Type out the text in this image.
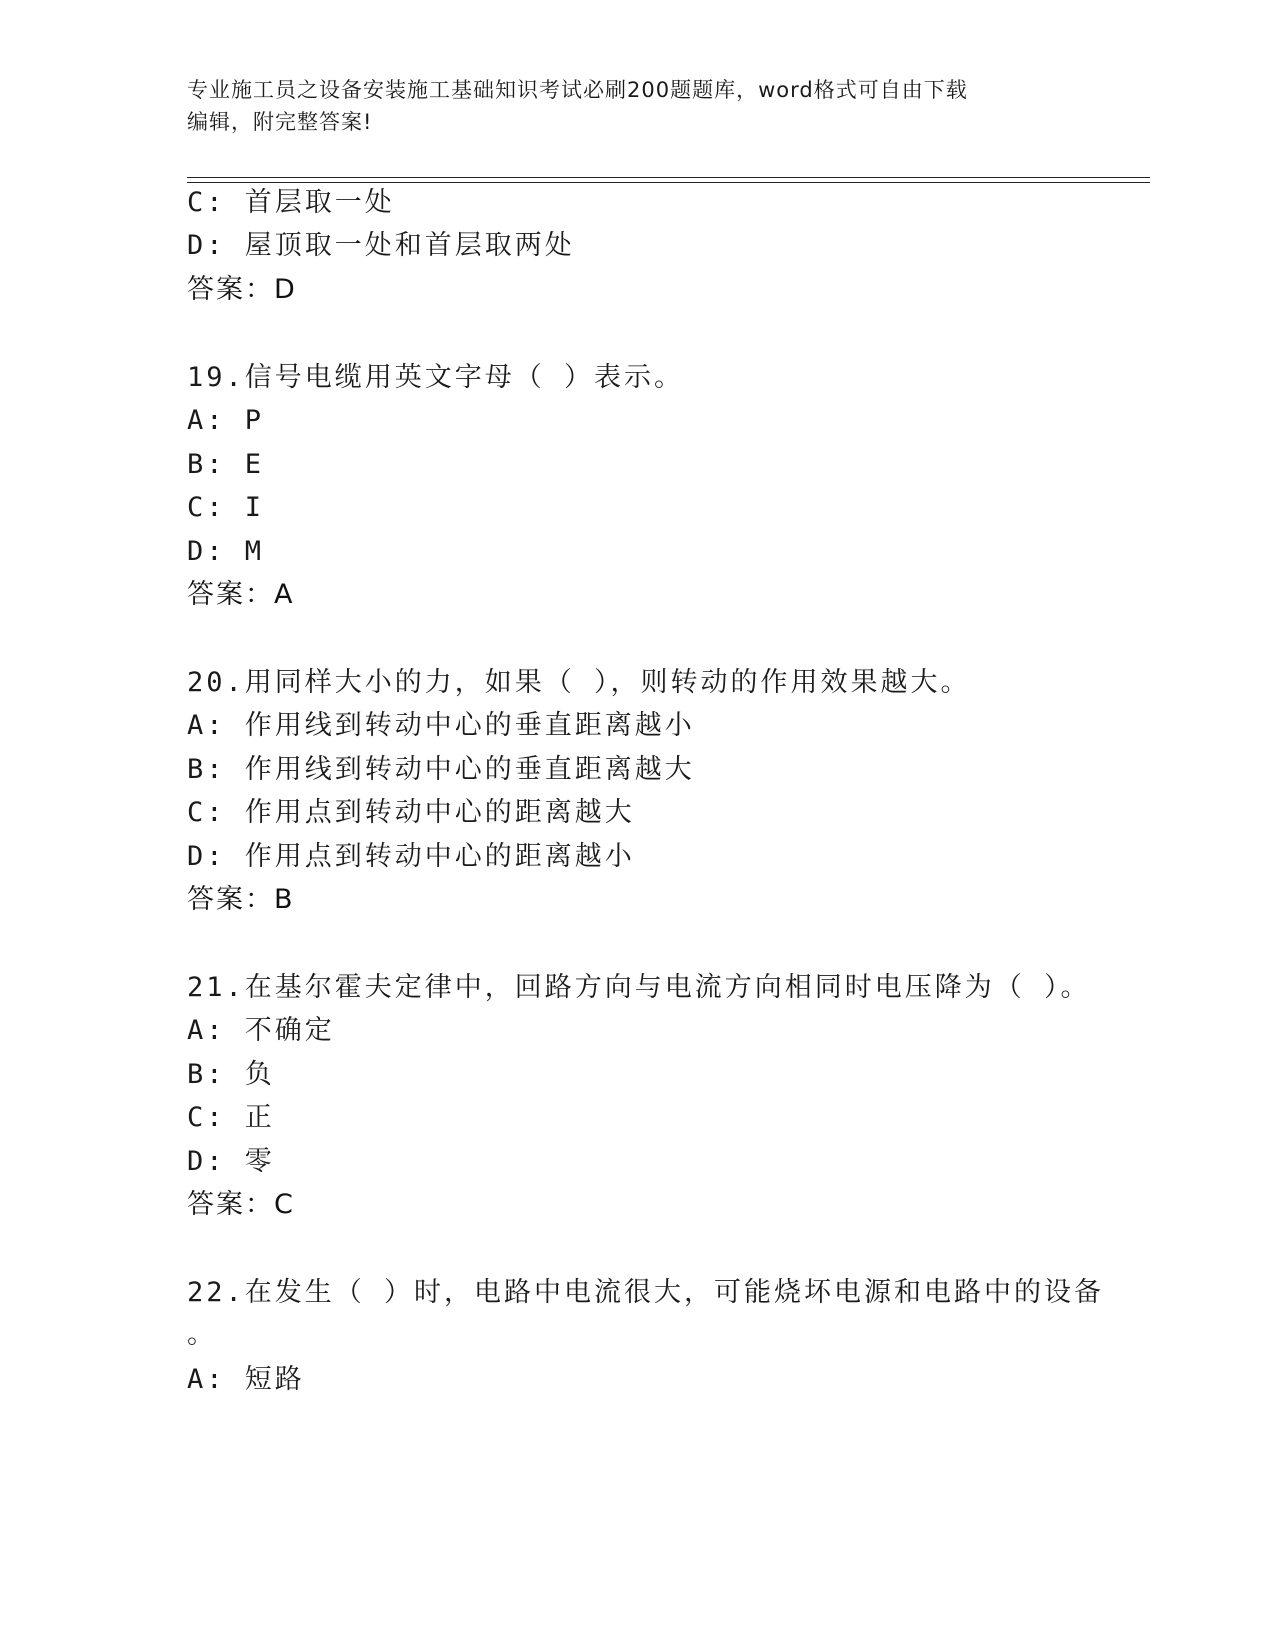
专业施工员之设备安装施工基础知识考试必刷200题题库，word格式可自由下载
编辑，附完整答案!
C: 首层取一处
D: 屋顶取一处和首层取两处
答案：D
19.信号电缆用英文字母（ ）表示。
A: P
B: E
C: I
D: M
答案：A
20.用同样大小的力，如果（ ），则转动的作用效果越大。
A: 作用线到转动中心的垂直距离越小
B: 作用线到转动中心的垂直距离越大
C: 作用点到转动中心的距离越大
D: 作用点到转动中心的距离越小
答案：B
21.在基尔霍夫定律中，回路方向与电流方向相同时电压降为（ ）。
A: 不确定
B: 负
C: 正
D: 零
答案：C
22.在发生（ ）时，电路中电流很大，可能烧坏电源和电路中的设备
。
A: 短路
